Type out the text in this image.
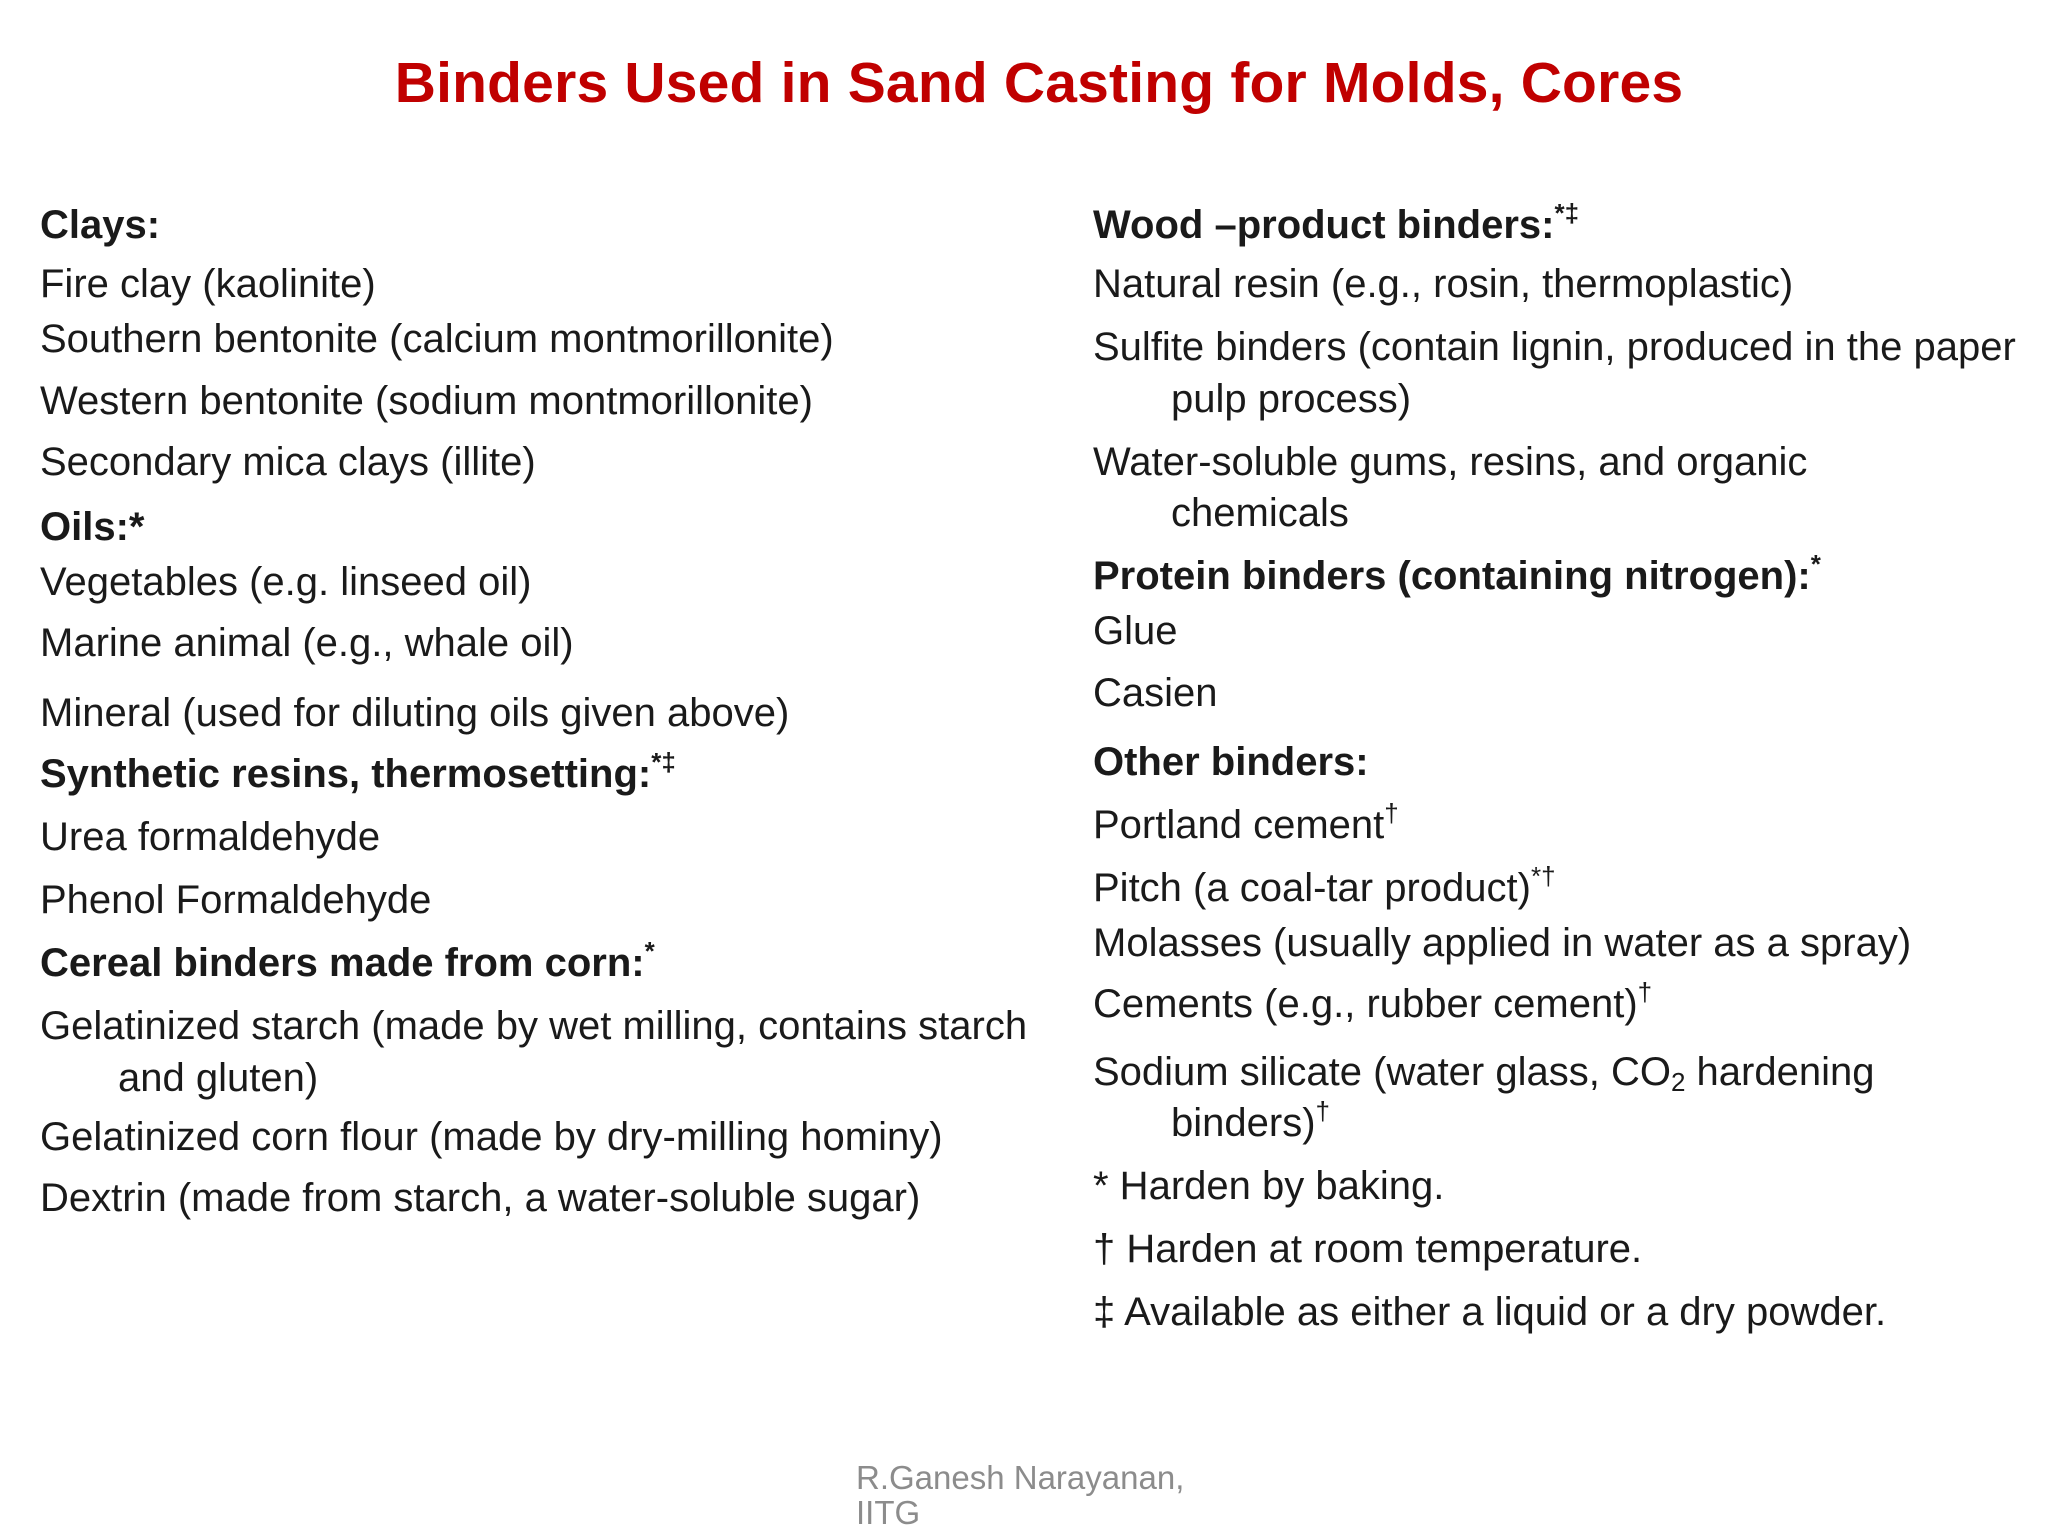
Binders Used in Sand Casting for Molds, Cores
Clays:
Fire clay (kaolinite)
Southern bentonite (calcium montmorillonite)
Western bentonite (sodium montmorillonite)
Secondary mica clays (illite)
Oils:*
Vegetables (e.g. linseed oil)
Marine animal (e.g., whale oil)
Mineral (used for diluting oils given above)
Synthetic resins, thermosetting:*‡
Urea formaldehyde
Phenol Formaldehyde
Cereal binders made from corn:*
Gelatinized starch (made by wet milling, contains starch and gluten)
Gelatinized corn flour (made by dry-milling hominy)
Dextrin (made from starch, a water-soluble sugar)
Wood –product binders:*‡
Natural resin (e.g., rosin, thermoplastic)
Sulfite binders (contain lignin, produced in the paper pulp process)
Water-soluble gums, resins, and organic chemicals
Protein binders (containing nitrogen):*
Glue
Casien
Other binders:
Portland cement†
Pitch (a coal-tar product)*†
Molasses (usually applied in water as a spray)
Cements (e.g., rubber cement)†
Sodium silicate (water glass, $CO_2$ hardening binders)†
* Harden by baking.
† Harden at room temperature.
‡ Available as either a liquid or a dry powder.
R.Ganesh Narayanan,
IITG
